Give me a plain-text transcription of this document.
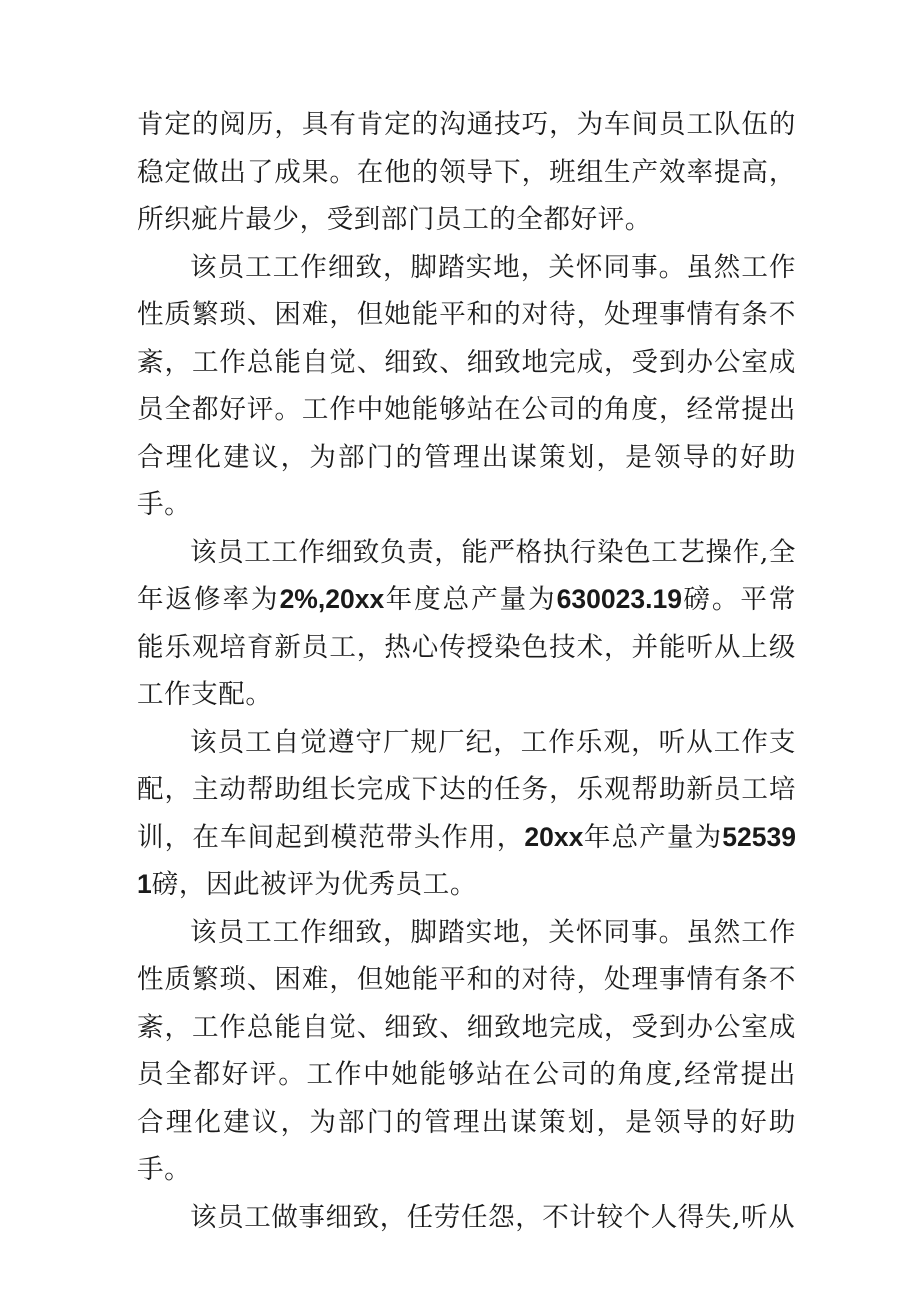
肯定的阅历，具有肯定的沟通技巧，为车间员工队伍的稳定做出了成果。在他的领导下，班组生产效率提高，所织疵片最少，受到部门员工的全都好评。

该员工工作细致，脚踏实地，关怀同事。虽然工作性质繁琐、困难，但她能平和的对待，处理事情有条不紊，工作总能自觉、细致、细致地完成，受到办公室成员全都好评。工作中她能够站在公司的角度，经常提出合理化建议，为部门的管理出谋策划，是领导的好助手。

该员工工作细致负责，能严格执行染色工艺操作,全年返修率为2%,20xx年度总产量为630023.19磅。平常能乐观培育新员工，热心传授染色技术，并能听从上级工作支配。

该员工自觉遵守厂规厂纪，工作乐观，听从工作支配，主动帮助组长完成下达的任务，乐观帮助新员工培训，在车间起到模范带头作用，20xx年总产量为525391磅，因此被评为优秀员工。

该员工工作细致，脚踏实地，关怀同事。虽然工作性质繁琐、困难，但她能平和的对待，处理事情有条不紊，工作总能自觉、细致、细致地完成，受到办公室成员全都好评。工作中她能够站在公司的角度,经常提出合理化建议，为部门的管理出谋策划，是领导的好助手。

该员工做事细致，任劳任怨，不计较个人得失,听从
